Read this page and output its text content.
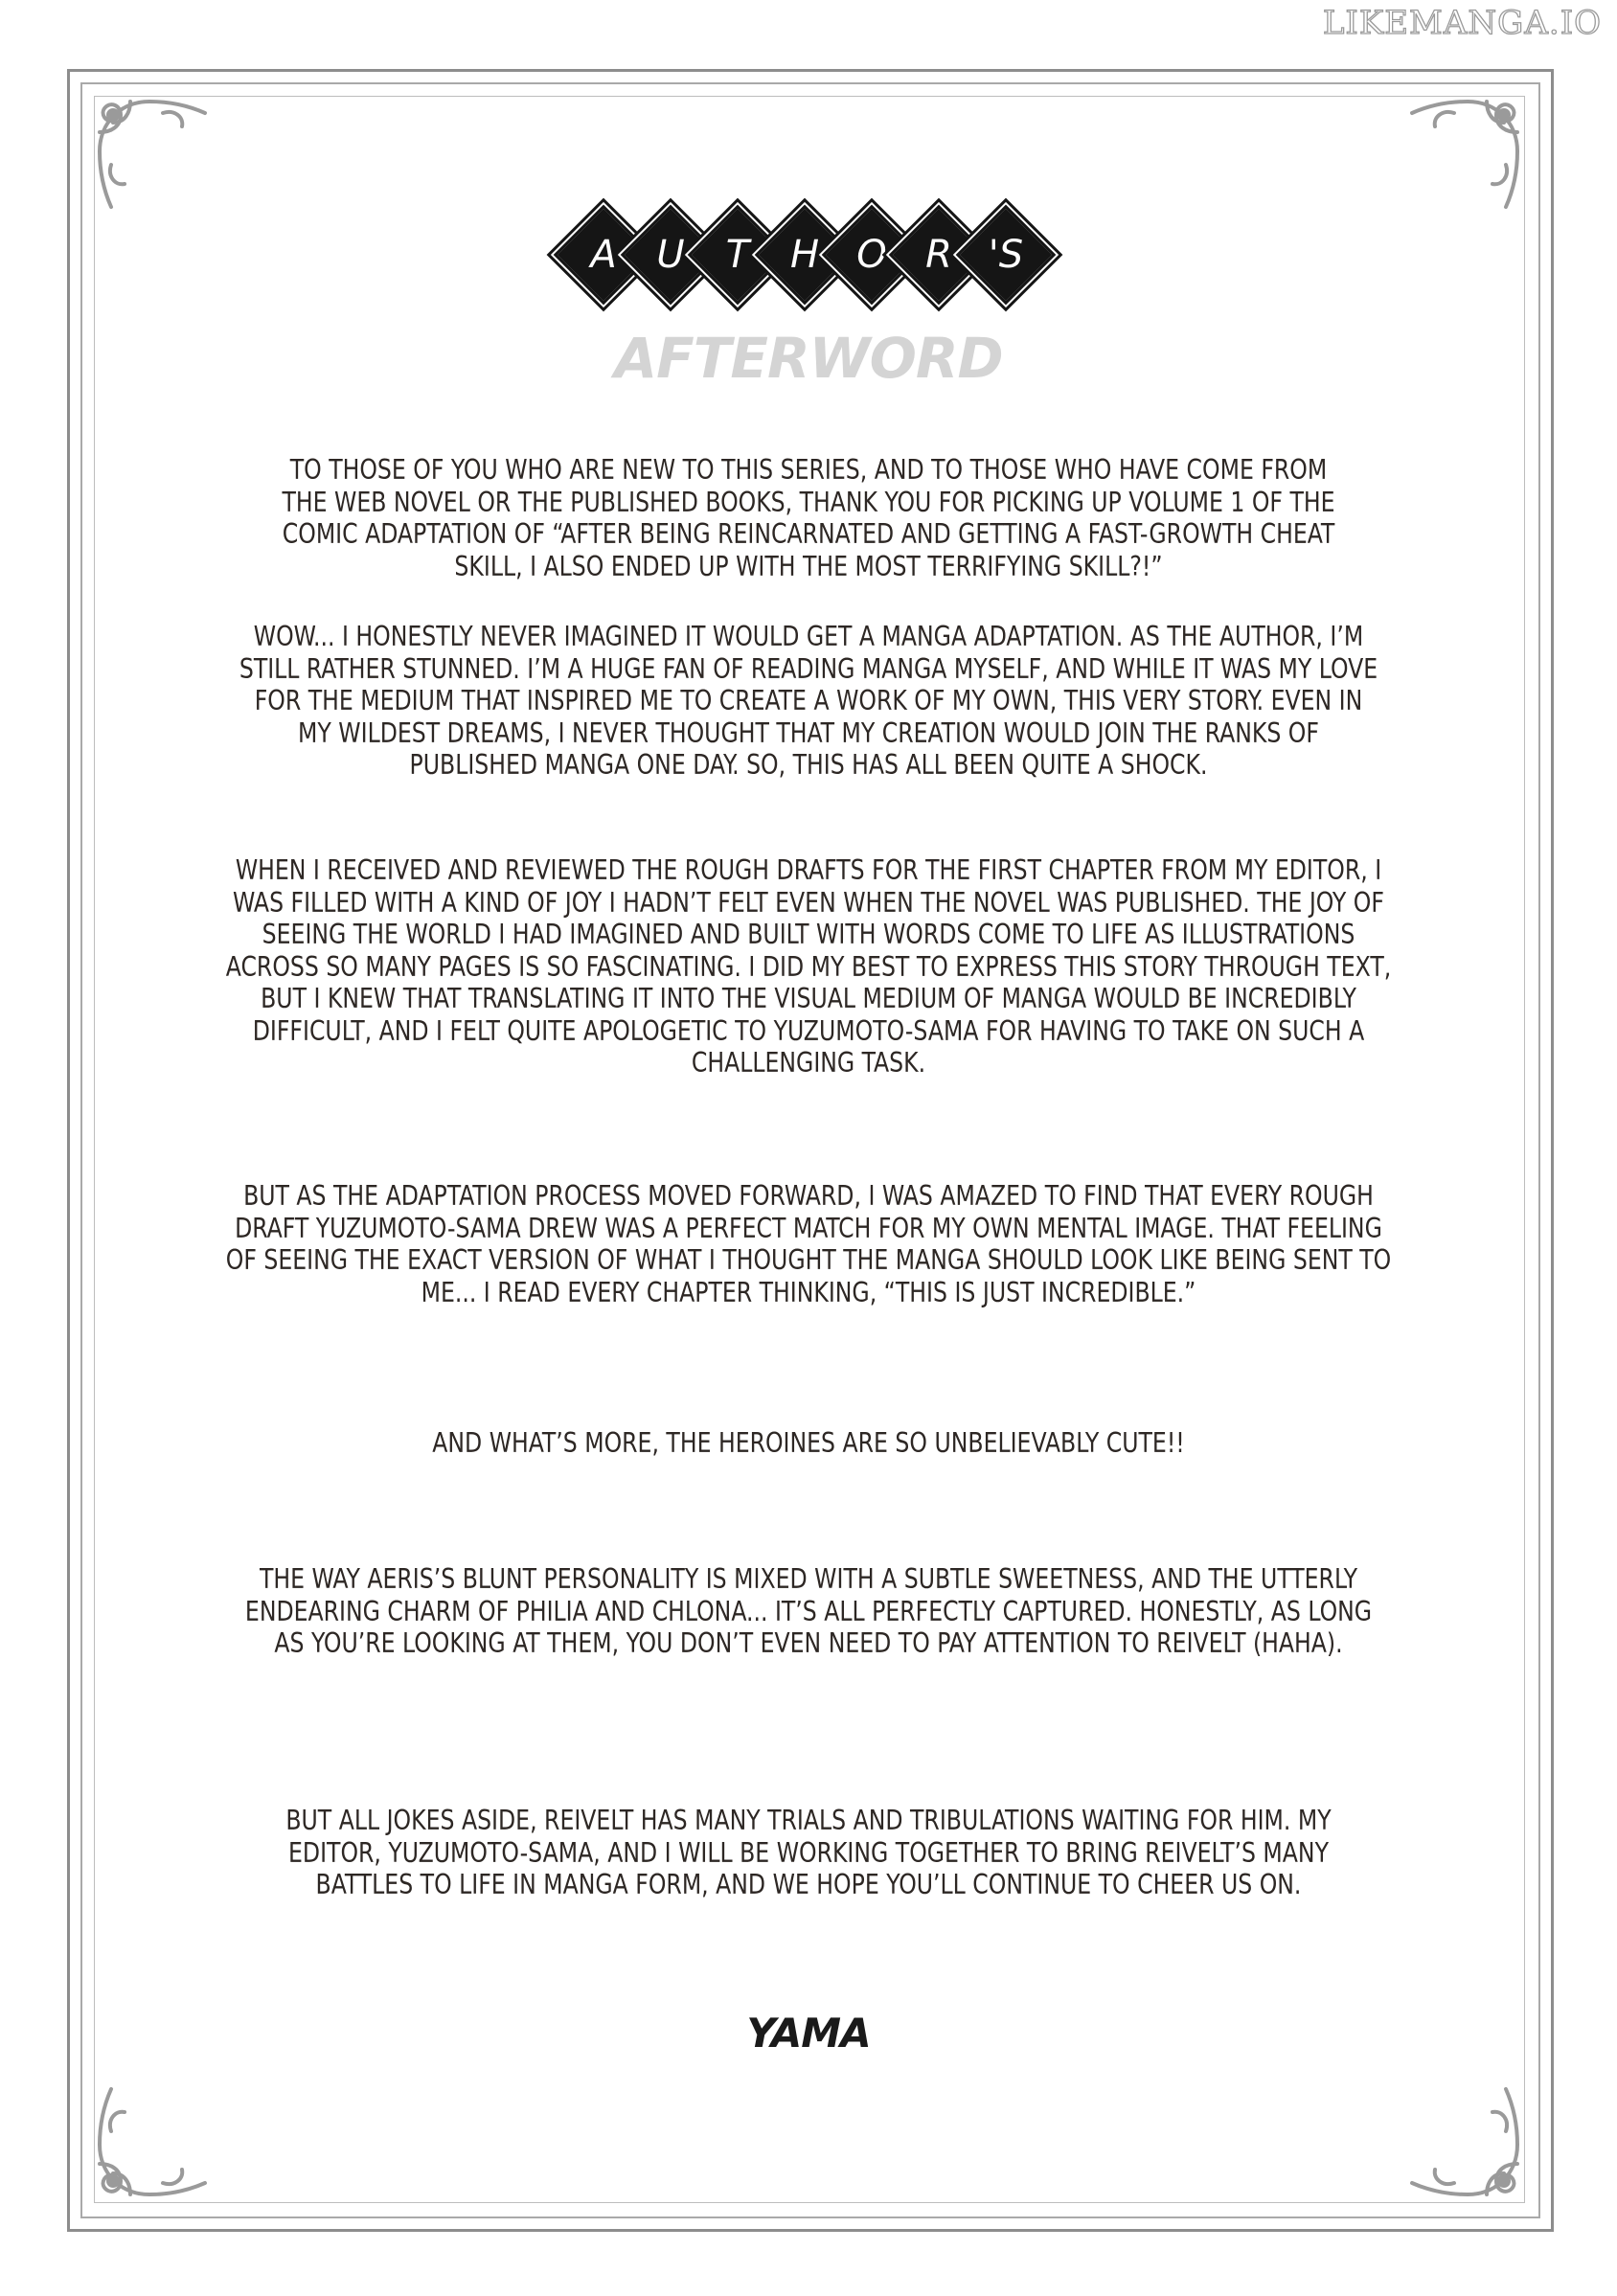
LIKEMANGA.IO
A	U	T	H O	R 'S
AFTERWORD
TO THOSE OF YOU WHO ARE NEW TO THIS SERIES, AND TO THOSE WHO HAVE COME FROM THE WEB NOVEL OR THE PUBLISHED BOOKS, THANK YOU FOR PICKING UP VOLUME 1 OF THE COMIC ADAPTATION OF “AFTER BEING REINCARNATED AND GETTING A FAST-GROWTH CHEAT SKILL, I ALSO ENDED UP WITH THE MOST TERRIFYING SKILL?!”
WOW... I HONESTLY NEVER IMAGINED IT WOULD GET A MANGA ADAPTATION. AS THE AUTHOR, I’M STILL RATHER STUNNED. I’M A HUGE FAN OF READING MANGA MYSELF, AND WHILE IT WAS MY LOVE FOR THE MEDIUM THAT INSPIRED ME TO CREATE A WORK OF MY OWN, THIS VERY STORY. EVEN IN MY WILDEST DREAMS, I NEVER THOUGHT THAT MY CREATION WOULD JOIN THE RANKS OF PUBLISHED MANGA ONE DAY. SO, THIS HAS ALL BEEN QUITE A SHOCK.
WHEN I RECEIVED AND REVIEWED THE ROUGH DRAFTS FOR THE FIRST CHAPTER FROM MY EDITOR, I WAS FILLED WITH A KIND OF JOY I HADN’T FELT EVEN WHEN THE NOVEL WAS PUBLISHED. THE JOY OF SEEING THE WORLD I HAD IMAGINED AND BUILT WITH WORDS COME TO LIFE AS ILLUSTRATIONS ACROSS SO MANY PAGES IS SO FASCINATING. I DID MY BEST TO EXPRESS THIS STORY THROUGH TEXT, BUT I KNEW THAT TRANSLATING IT INTO THE VISUAL MEDIUM OF MANGA WOULD BE INCREDIBLY DIFFICULT, AND I FELT QUITE APOLOGETIC TO YUZUMOTO-SAMA FOR HAVING TO TAKE ON SUCH A CHALLENGING TASK.
BUT AS THE ADAPTATION PROCESS MOVED FORWARD, I WAS AMAZED TO FIND THAT EVERY ROUGH DRAFT YUZUMOTO-SAMA DREW WAS A PERFECT MATCH FOR MY OWN MENTAL IMAGE. THAT FEELING OF SEEING THE EXACT VERSION OF WHAT I THOUGHT THE MANGA SHOULD LOOK LIKE BEING SENT TO ME... I READ EVERY CHAPTER THINKING, “THIS IS JUST INCREDIBLE.”
AND WHAT’S MORE, THE HEROINES ARE SO UNBELIEVABLY CUTE!!
THE WAY AERIS’S BLUNT PERSONALITY IS MIXED WITH A SUBTLE SWEETNESS, AND THE UTTERLY ENDEARING CHARM OF PHILIA AND CHLONA... IT’S ALL PERFECTLY CAPTURED. HONESTLY, AS LONG AS YOU’RE LOOKING AT THEM, YOU DON’T EVEN NEED TO PAY ATTENTION TO REIVELT (HAHA).
BUT ALL JOKES ASIDE, REIVELT HAS MANY TRIALS AND TRIBULATIONS WAITING FOR HIM. MY EDITOR, YUZUMOTO-SAMA, AND I WILL BE WORKING TOGETHER TO BRING REIVELT’S MANY BATTLES TO LIFE IN MANGA FORM, AND WE HOPE YOU’LL CONTINUE TO CHEER US ON.
YAMA
